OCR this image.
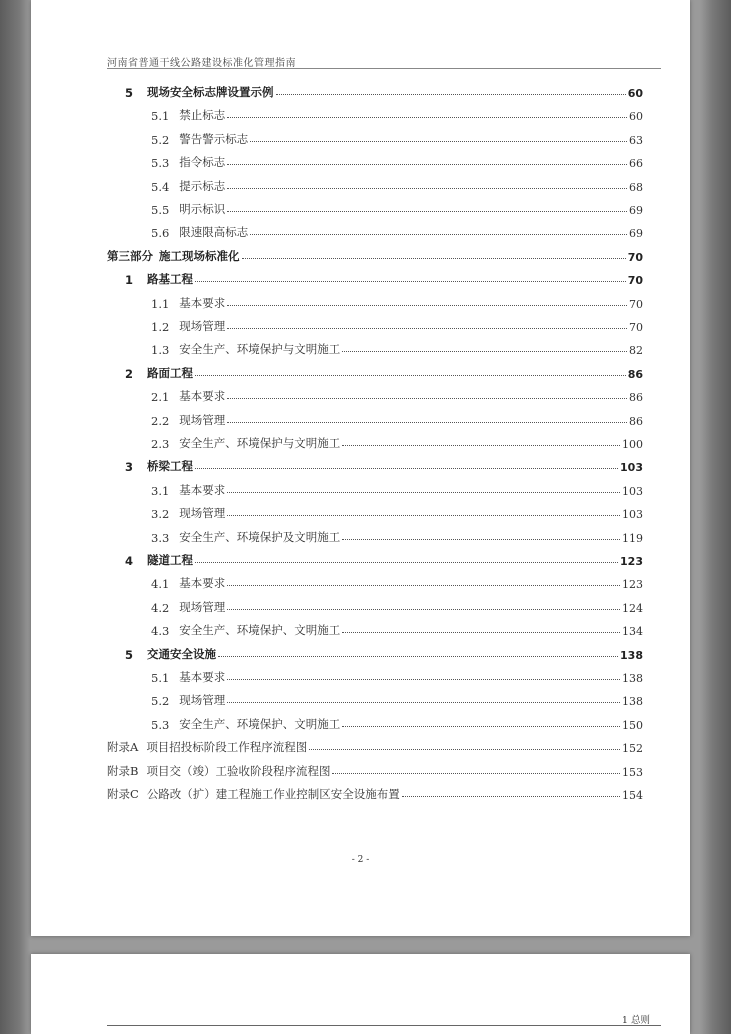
河南省普通干线公路建设标准化管理指南
5	现场安全标志牌设置示例	60
5.1 禁止标志	60
5.2 警告警示标志	63
5.3 指令标志	66
5.4 提示标志	68
5.5 明示标识	69
5.6 限速限高标志	69
第三部分 施工现场标准化	70
1	路基工程	70
1.1 基本要求	70
1.2 现场管理	70
1.3 安全生产、环境保护与文明施工	82
2	路面工程	86
2.1 基本要求	86
2.2 现场管理	86
2.3 安全生产、环境保护与文明施工	100
3	桥梁工程	103
3.1 基本要求	103
3.2 现场管理	103
3.3 安全生产、环境保护及文明施工	119
4	隧道工程	123
4.1 基本要求	123
4.2 现场管理	124
4.3 安全生产、环境保护、文明施工	134
5	交通安全设施	138
5.1 基本要求	138
5.2 现场管理	138
5.3 安全生产、环境保护、文明施工	150
附录A 项目招投标阶段工作程序流程图	152
附录B 项目交（竣）工验收阶段程序流程图	153
附录C 公路改（扩）建工程施工作业控制区安全设施布置	154
- 2 -
1 总则
